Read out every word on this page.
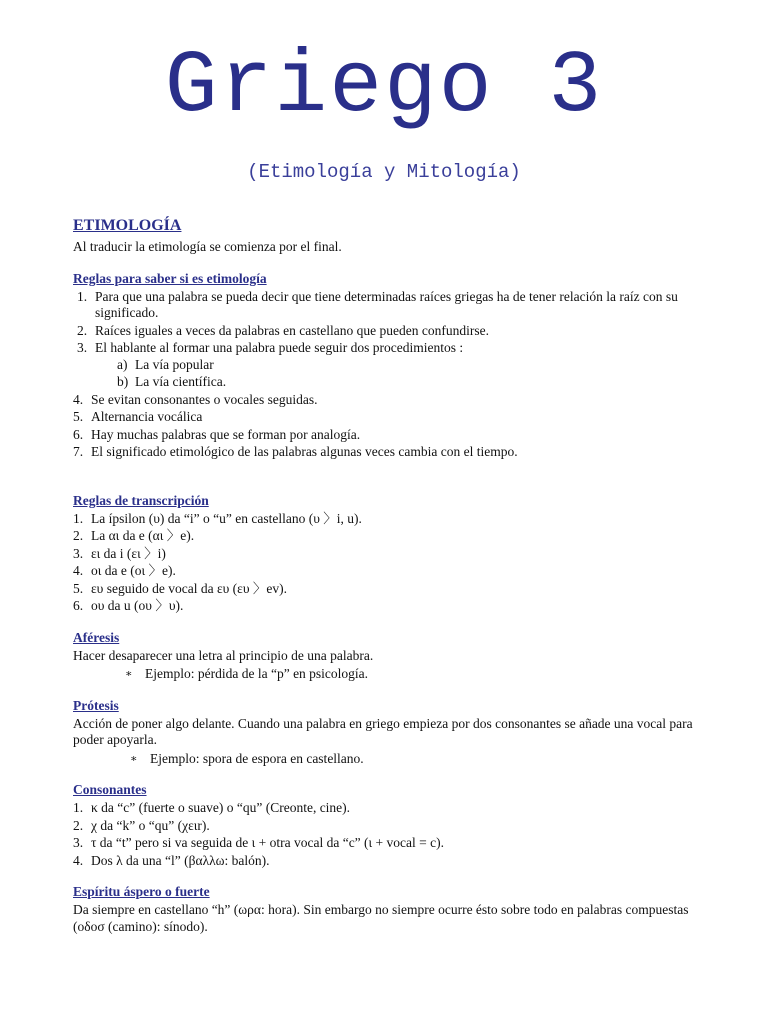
Griego 3
(Etimología y Mitología)
ETIMOLOGÍA

Al traducir la etimología se comienza por el final.

Reglas para saber si es etimología
1. Para que una palabra se pueda decir que tiene determinadas raíces griegas ha de tener relación la raíz con su significado.
2. Raíces iguales a veces da palabras en castellano que pueden confundirse.
3. El hablante al formar una palabra puede seguir dos procedimientos :
a) La vía popular
b) La vía científica.
4. Se evitan consonantes o vocales seguidas.
5. Alternancia vocálica
6. Hay muchas palabras que se forman por analogía.
7. El significado etimológico de las palabras algunas veces cambia con el tiempo.
Reglas de transcripción
1. La ípsilon (υ) da “i” o “u” en castellano (υ 〉i, u).
2. La αι da e (αι 〉e).
3. ει da i (ει 〉i)
4. οι da e (οι 〉e).
5. ευ seguido de vocal da ευ (ευ 〉ev).
6. ου da u (ου 〉υ).
Aféresis

Hacer desaparecer una letra al principio de una palabra.

∗ Ejemplo: pérdida de la “p” en psicología.
Prótesis

Acción de poner algo delante. Cuando una palabra en griego empieza por dos consonantes se añade una vocal para poder apoyarla.

∗ Ejemplo: spora de espora en castellano.
Consonantes
1. κ da “c” (fuerte o suave) o “qu” (Creonte, cine).
2. χ da “k” o “qu” (χειr).
3. τ da “t” pero si va seguida de ι + otra vocal da “c” (ι + vocal = c).
4. Dos λ da una “l” (βαλλω: balón).
Espíritu áspero o fuerte

Da siempre en castellano “h” (ωρα: hora). Sin embargo no siempre ocurre ésto sobre todo en palabras compuestas (οδοσ (camino): sínodo).
